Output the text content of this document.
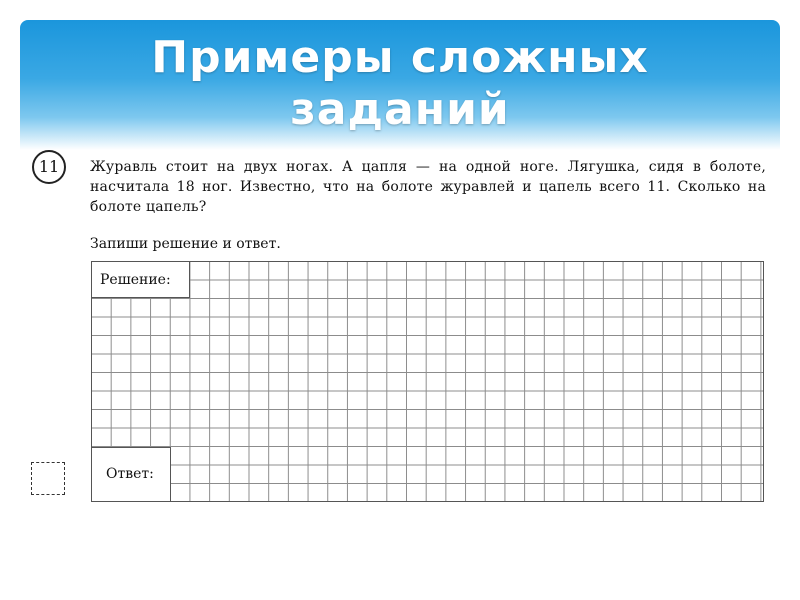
Примеры сложных
заданий
11	Журавль стоит на двух ногах. А цапля — на одной ноге. Лягушка, сидя в болоте, насчитала 18 ног. Известно, что на болоте журавлей и цапель всего 11. Сколько на болоте цапель?

Запиши решение и ответ.

Решение:
Ответ:
